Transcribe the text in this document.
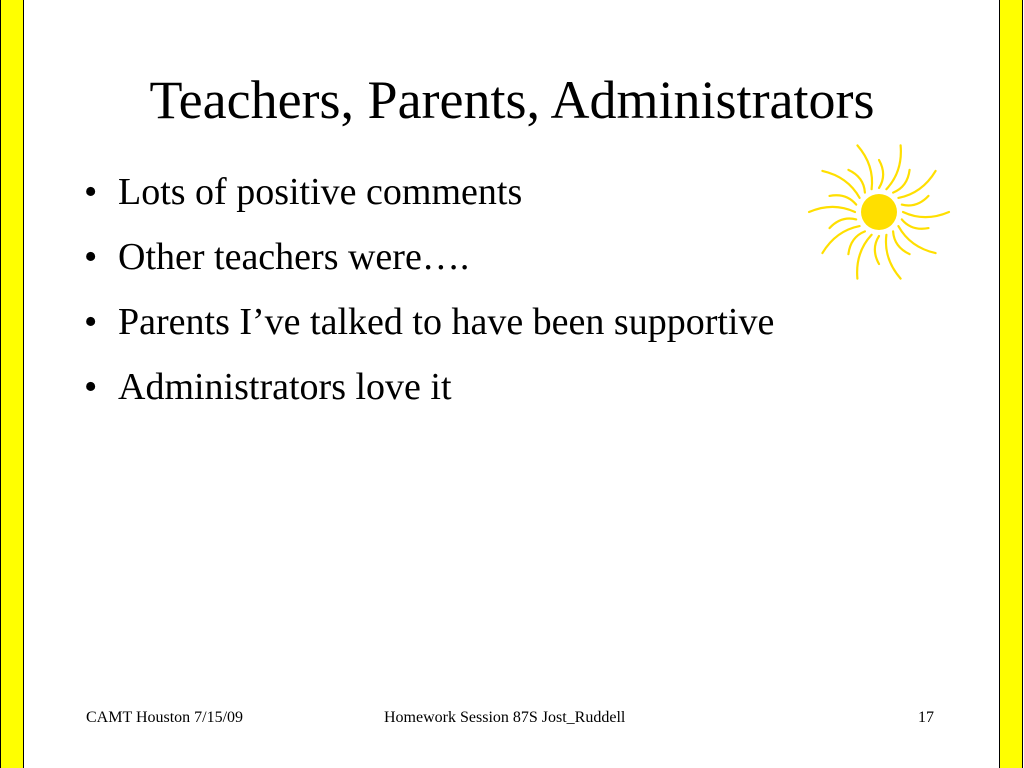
Teachers, Parents, Administrators
• Lots of positive comments
• Other teachers were….
• Parents I’ve talked to have been supportive
• Administrators love it
CAMT Houston 7/15/09	Homework Session 87S Jost_Ruddell	17
